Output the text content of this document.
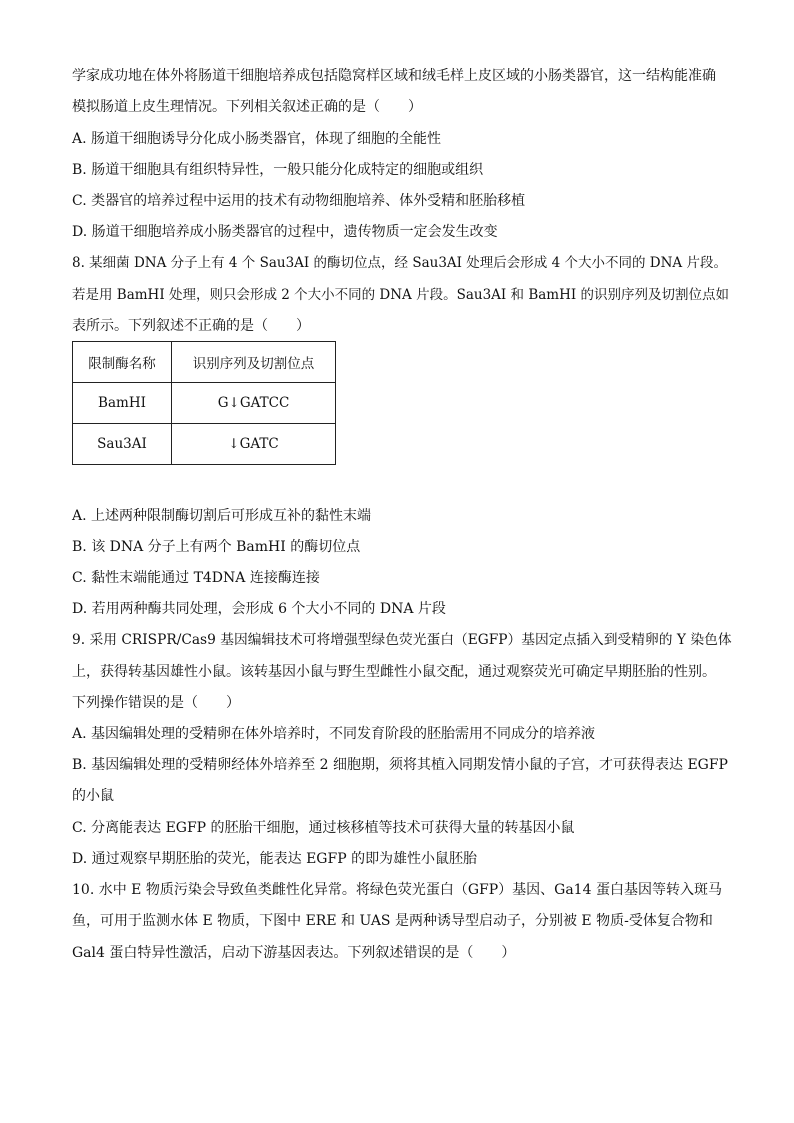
学家成功地在体外将肠道干细胞培养成包括隐窝样区域和绒毛样上皮区域的小肠类器官，这一结构能准确
模拟肠道上皮生理情况。下列相关叙述正确的是（　　）
A. 肠道干细胞诱导分化成小肠类器官，体现了细胞的全能性
B. 肠道干细胞具有组织特异性，一般只能分化成特定的细胞或组织
C. 类器官的培养过程中运用的技术有动物细胞培养、体外受精和胚胎移植
D. 肠道干细胞培养成小肠类器官的过程中，遗传物质一定会发生改变
8. 某细菌 DNA 分子上有 4 个 Sau3AI 的酶切位点，经 Sau3AI 处理后会形成 4 个大小不同的 DNA 片段。
若是用 BamHI 处理，则只会形成 2 个大小不同的 DNA 片段。Sau3AI 和 BamHI 的识别序列及切割位点如
表所示。下列叙述不正确的是（　　）
限制酶名称	识别序列及切割位点
BamHI	G↓GATCC
Sau3AI	↓GATC
A. 上述两种限制酶切割后可形成互补的黏性末端
B. 该 DNA 分子上有两个 BamHI 的酶切位点
C. 黏性末端能通过 T4DNA 连接酶连接
D. 若用两种酶共同处理，会形成 6 个大小不同的 DNA 片段
9. 采用 CRISPR/Cas9 基因编辑技术可将增强型绿色荧光蛋白（EGFP）基因定点插入到受精卵的 Y 染色体
上，获得转基因雄性小鼠。该转基因小鼠与野生型雌性小鼠交配，通过观察荧光可确定早期胚胎的性别。
下列操作错误的是（　　）
A. 基因编辑处理的受精卵在体外培养时，不同发育阶段的胚胎需用不同成分的培养液
B. 基因编辑处理的受精卵经体外培养至 2 细胞期，须将其植入同期发情小鼠的子宫，才可获得表达 EGFP
的小鼠
C. 分离能表达 EGFP 的胚胎干细胞，通过核移植等技术可获得大量的转基因小鼠
D. 通过观察早期胚胎的荧光，能表达 EGFP 的即为雄性小鼠胚胎
10. 水中 E 物质污染会导致鱼类雌性化异常。将绿色荧光蛋白（GFP）基因、Ga14 蛋白基因等转入斑马
鱼，可用于监测水体 E 物质，下图中 ERE 和 UAS 是两种诱导型启动子，分别被 E 物质-受体复合物和
Gal4 蛋白特异性激活，启动下游基因表达。下列叙述错误的是（　　）
